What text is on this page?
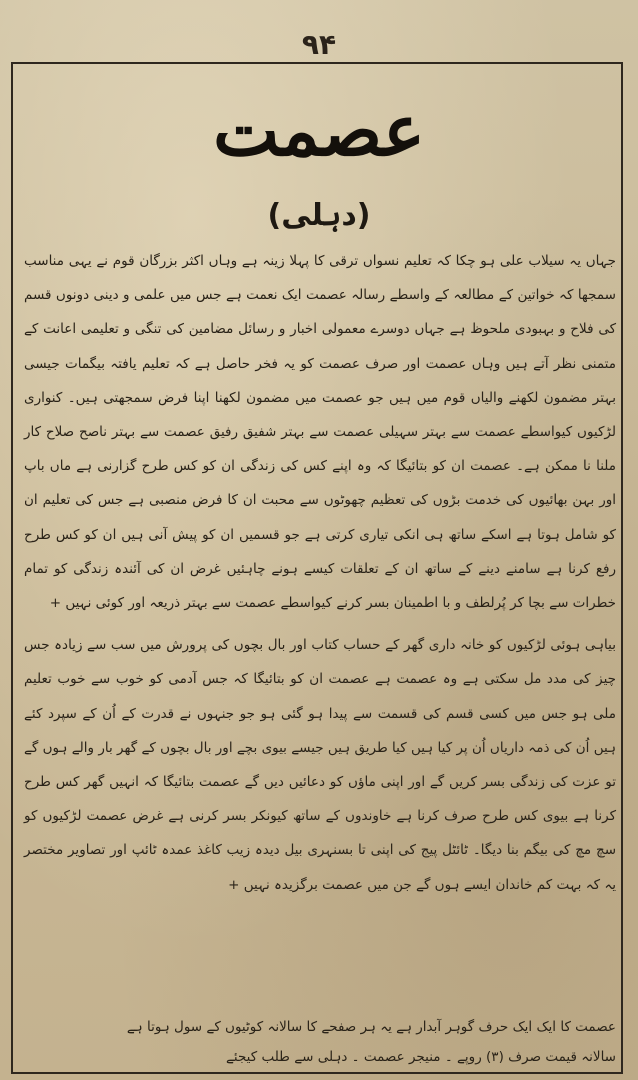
۹۴
عصمت
(دہلی)

جہاں یہ سیلاب علی ہو چکا کہ تعلیم نسواں ترقی کا پہلا زینہ ہے وہاں اکثر بزرگان قوم نے یہی مناسب سمجھا کہ خواتین کے مطالعہ کے واسطے رسالہ عصمت ایک نعمت ہے جس میں علمی و دینی دونوں قسم کی فلاح و بہبودی ملحوظ ہے جہاں دوسرے معمولی اخبار و رسائل مضامین کی تنگی و تعلیمی اعانت کے متمنی نظر آتے ہیں وہاں عصمت اور صرف عصمت کو یہ فخر حاصل ہے کہ تعلیم یافتہ بیگمات جیسی بہتر مضمون لکھنے والیاں قوم میں ہیں جو عصمت میں مضمون لکھنا اپنا فرض سمجھتی ہیں۔ کنواری لڑکیوں کیواسطے عصمت سے بہتر سہیلی عصمت سے بہتر شفیق رفیق عصمت سے بہتر ناصح صلاح کار ملنا نا ممکن ہے۔ عصمت ان کو بتائیگا کہ وہ اپنے کس کی زندگی ان کو کس طرح گزارنی ہے ماں باپ اور بہن بھائیوں کی خدمت بڑوں کی تعظیم چھوٹوں سے محبت ان کا فرض منصبی ہے جس کی تعلیم ان کو شامل ہوتا ہے اسکے ساتھ ہی انکی تیاری کرتی ہے جو قسمیں ان کو پیش آنی ہیں ان کو کس طرح رفع کرنا ہے سامنے دینے کے ساتھ ان کے تعلقات کیسے ہونے چاہئیں غرض ان کی آئندہ زندگی کو تمام خطرات سے بچا کر پُرلطف و با اطمینان بسر کرنے کیواسطے عصمت سے بہتر ذریعہ اور کوئی نہیں +

بیاہی ہوئی لڑکیوں کو خانہ داری گھر کے حساب کتاب اور بال بچوں کی پرورش میں سب سے زیادہ جس چیز کی مدد مل سکتی ہے وہ عصمت ہے عصمت ان کو بتائیگا کہ جس آدمی کو خوب سے خوب تعلیم ملی ہو جس میں کسی قسم کی قسمت سے پیدا ہو گئی ہو جو جنہوں نے قدرت کے اُن کے سپرد کئے ہیں اُن کی ذمہ داریاں اُن پر کیا ہیں کیا طریق ہیں جیسے بیوی بچے اور بال بچوں کے گھر بار والے ہوں گے تو عزت کی زندگی بسر کریں گے اور اپنی ماؤں کو دعائیں دیں گے عصمت بتائیگا کہ انہیں گھر کس طرح کرنا ہے بیوی کس طرح صرف کرنا ہے خاوندوں کے ساتھ کیونکر بسر کرنی ہے غرض عصمت لڑکیوں کو سچ مچ کی بیگم بنا دیگا۔ ٹائٹل پیج کی اپنی تا بسنہری بیل دیدہ زیب کاغذ عمدہ ٹائپ اور تصاویر مختصر یہ کہ بہت کم خاندان ایسے ہوں گے جن میں عصمت برگزیدہ نہیں +

عصمت کا ایک ایک حرف گوہر آبدار ہے یہ ہر صفحے کا سالانہ کوٹیوں کے سول ہوتا ہے
سالانہ قیمت صرف (۳) روپے ۔ منیجر عصمت ۔ دہلی سے طلب کیجئے
